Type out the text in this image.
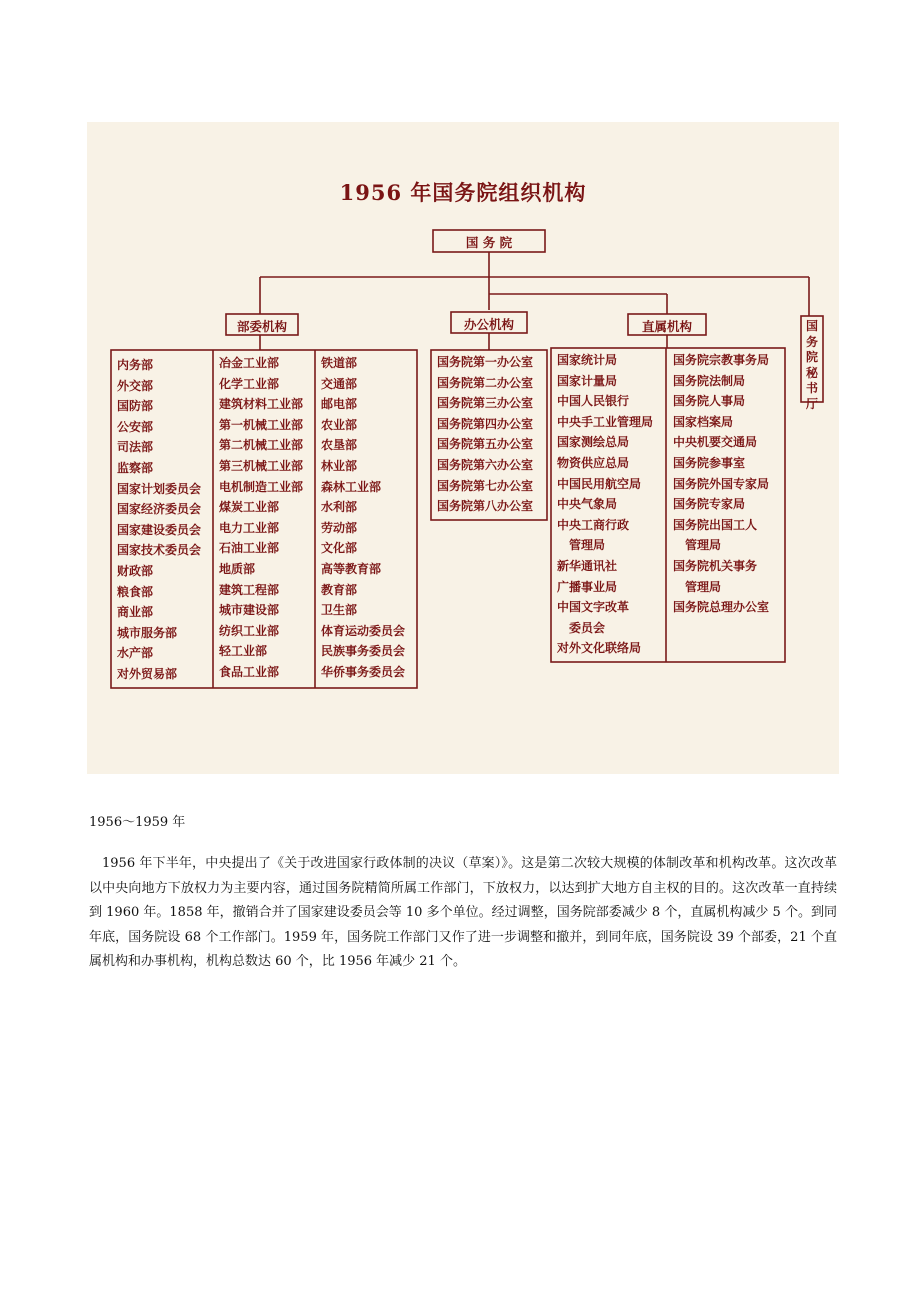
1956 年国务院组织机构
国 务 院
部委机构	办公机构	直属机构	国务院秘书厅
内务部
外交部
国防部
公安部
司法部
监察部
国家计划委员会
国家经济委员会
国家建设委员会
国家技术委员会
财政部
粮食部
商业部
城市服务部
水产部
对外贸易部
冶金工业部
化学工业部
建筑材料工业部
第一机械工业部
第二机械工业部
第三机械工业部
电机制造工业部
煤炭工业部
电力工业部
石油工业部
地质部
建筑工程部
城市建设部
纺织工业部
轻工业部
食品工业部
铁道部
交通部
邮电部
农业部
农垦部
林业部
森林工业部
水利部
劳动部
文化部
高等教育部
教育部
卫生部
体育运动委员会
民族事务委员会
华侨事务委员会
国务院第一办公室
国务院第二办公室
国务院第三办公室
国务院第四办公室
国务院第五办公室
国务院第六办公室
国务院第七办公室
国务院第八办公室
国家统计局
国家计量局
中国人民银行
中央手工业管理局
国家测绘总局
物资供应总局
中国民用航空局
中央气象局
中央工商行政
管理局
新华通讯社
广播事业局
中国文字改革
委员会
对外文化联络局
国务院宗教事务局
国务院法制局
国务院人事局
国家档案局
中央机要交通局
国务院参事室
国务院外国专家局
国务院专家局
国务院出国工人
管理局
国务院机关事务
管理局
国务院总理办公室
1956～1959 年
1956 年下半年，中央提出了《关于改进国家行政体制的决议（草案）》。这是第二次较大规模的体制改革和机构改革。这次改革以中央向地方下放权力为主要内容，通过国务院精简所属工作部门，下放权力，以达到扩大地方自主权的目的。这次改革一直持续到 1960 年。1858 年，撤销合并了国家建设委员会等 10 多个单位。经过调整，国务院部委减少 8 个，直属机构减少 5 个。到同年底，国务院设 68 个工作部门。1959 年，国务院工作部门又作了进一步调整和撤并，到同年底，国务院设 39 个部委，21 个直属机构和办事机构，机构总数达 60 个，比 1956 年减少 21 个。
